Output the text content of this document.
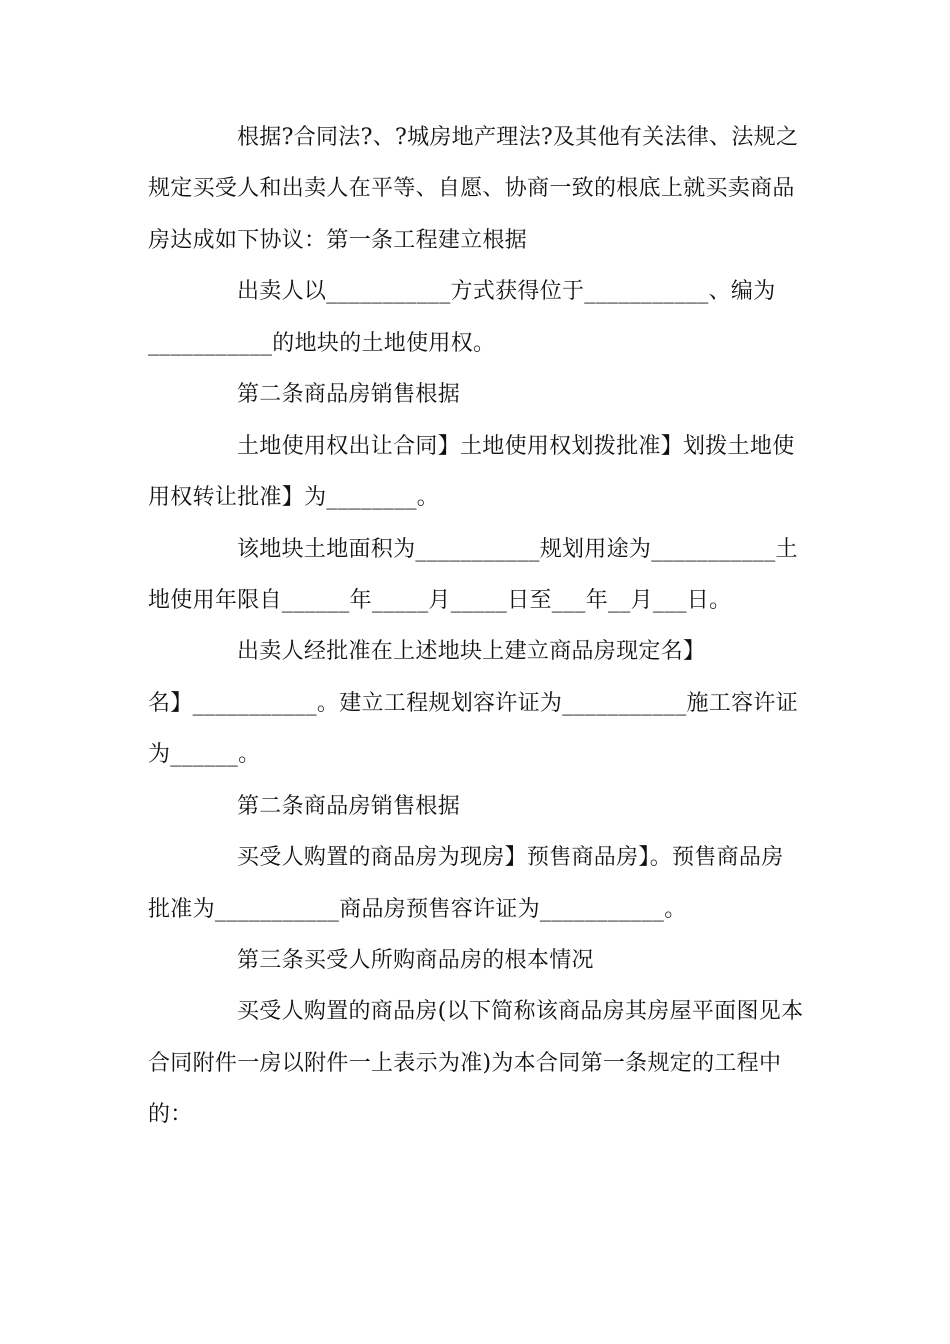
根据?合同法?、?城房地产理法?及其他有关法律、法规之
规定买受人和出卖人在平等、自愿、协商一致的根底上就买卖商品
房达成如下协议：第一条工程建立根据
出卖人以___________方式获得位于___________、编为
___________的地块的土地使用权。
第二条商品房销售根据
土地使用权出让合同】土地使用权划拨批准】划拨土地使
用权转让批准】为________。
该地块土地面积为___________规划用途为___________土
地使用年限自______年_____月_____日至___年__月___日。
出卖人经批准在上述地块上建立商品房现定名】
名】___________。建立工程规划容许证为___________施工容许证
为______。
第二条商品房销售根据
买受人购置的商品房为现房】预售商品房】。预售商品房
批准为___________商品房预售容许证为___________。
第三条买受人所购商品房的根本情况
买受人购置的商品房(以下简称该商品房其房屋平面图见本
合同附件一房以附件一上表示为准)为本合同第一条规定的工程中
的：
